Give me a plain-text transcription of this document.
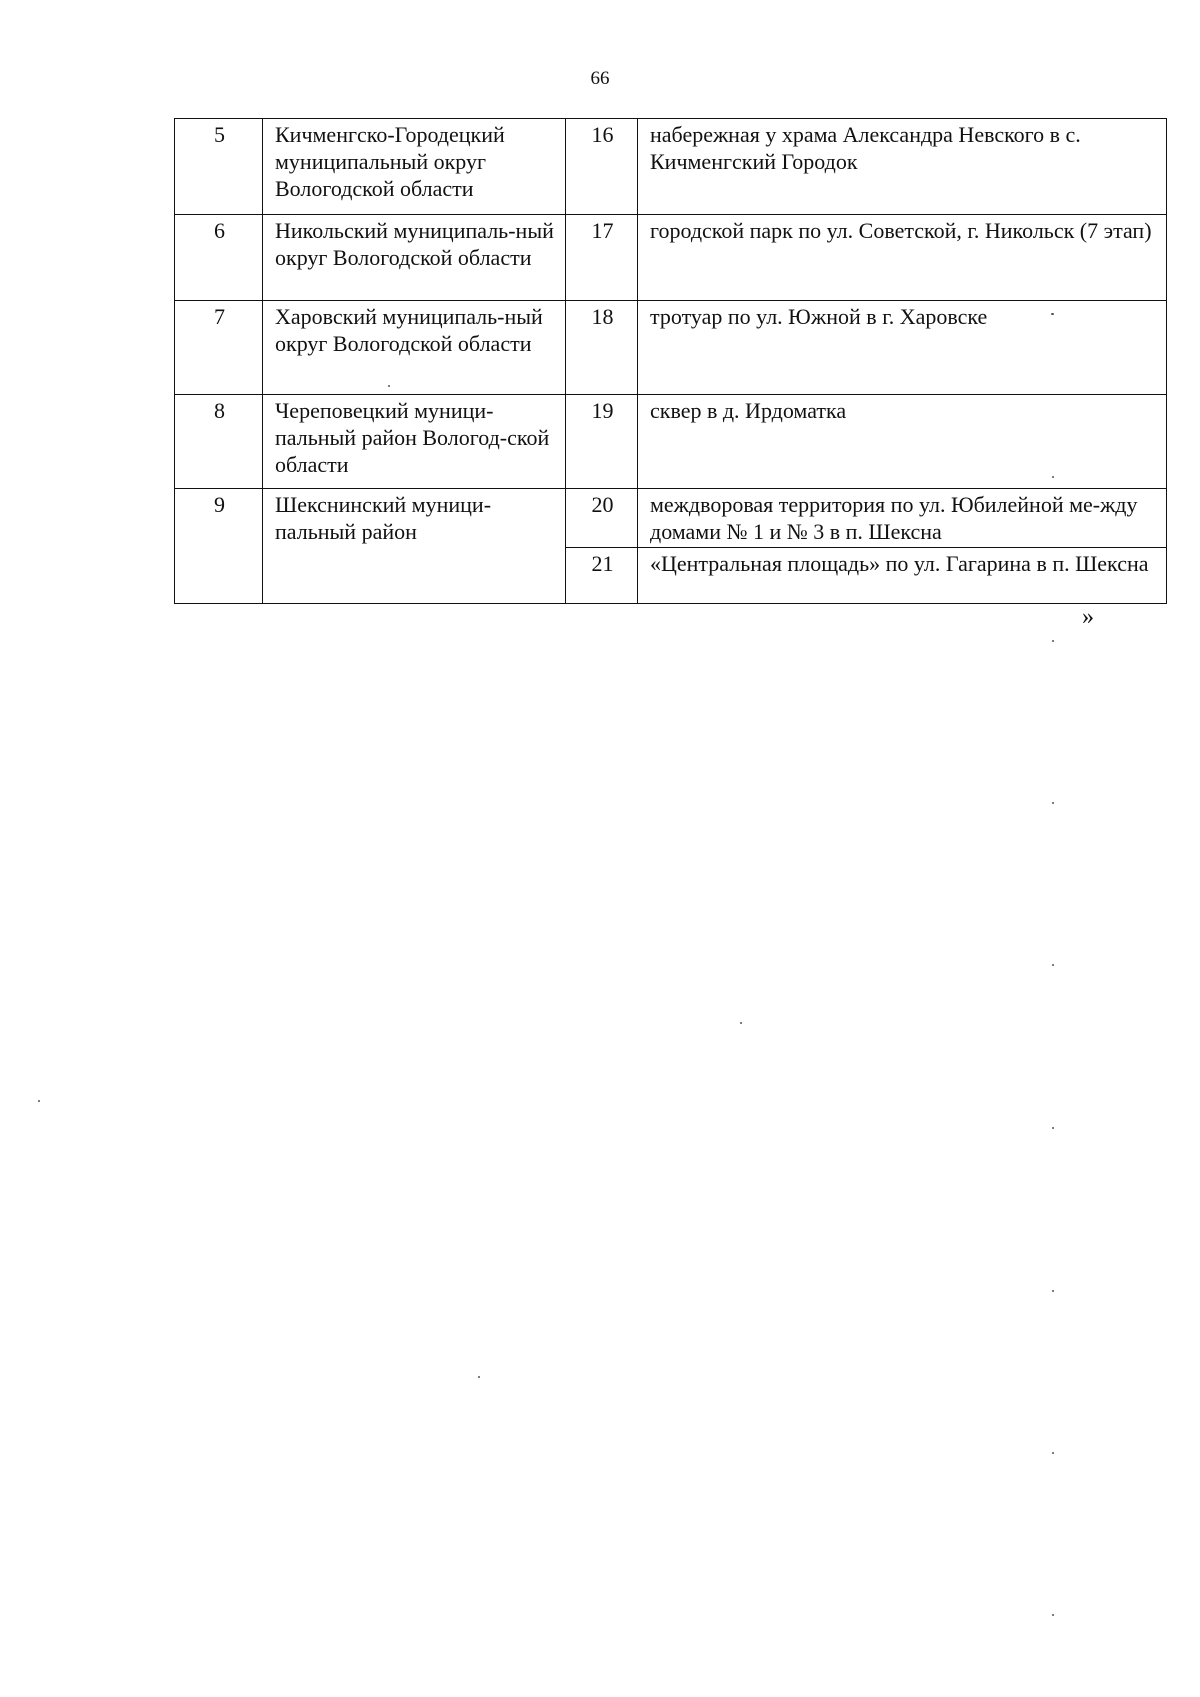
66
5	Кичменгско-Городецкий муниципальный округ Вологодской области	16	набережная у храма Александра Невского в с. Кичменгский Городок
6	Никольский муниципаль-ный округ Вологодской области	17	городской парк по ул. Советской, г. Никольск (7 этап)
7	Харовский муниципаль-ный округ Вологодской области	18	тротуар по ул. Южной в г. Харовске
8	Череповецкий муници-пальный район Вологод-ской области	19	сквер в д. Ирдоматка
9	Шекснинский муници-пальный район	20	междворовая территория по ул. Юбилейной ме-жду домами № 1 и № 3 в п. Шексна
		21	«Центральная площадь» по ул. Гагарина в п. Шексна
»
